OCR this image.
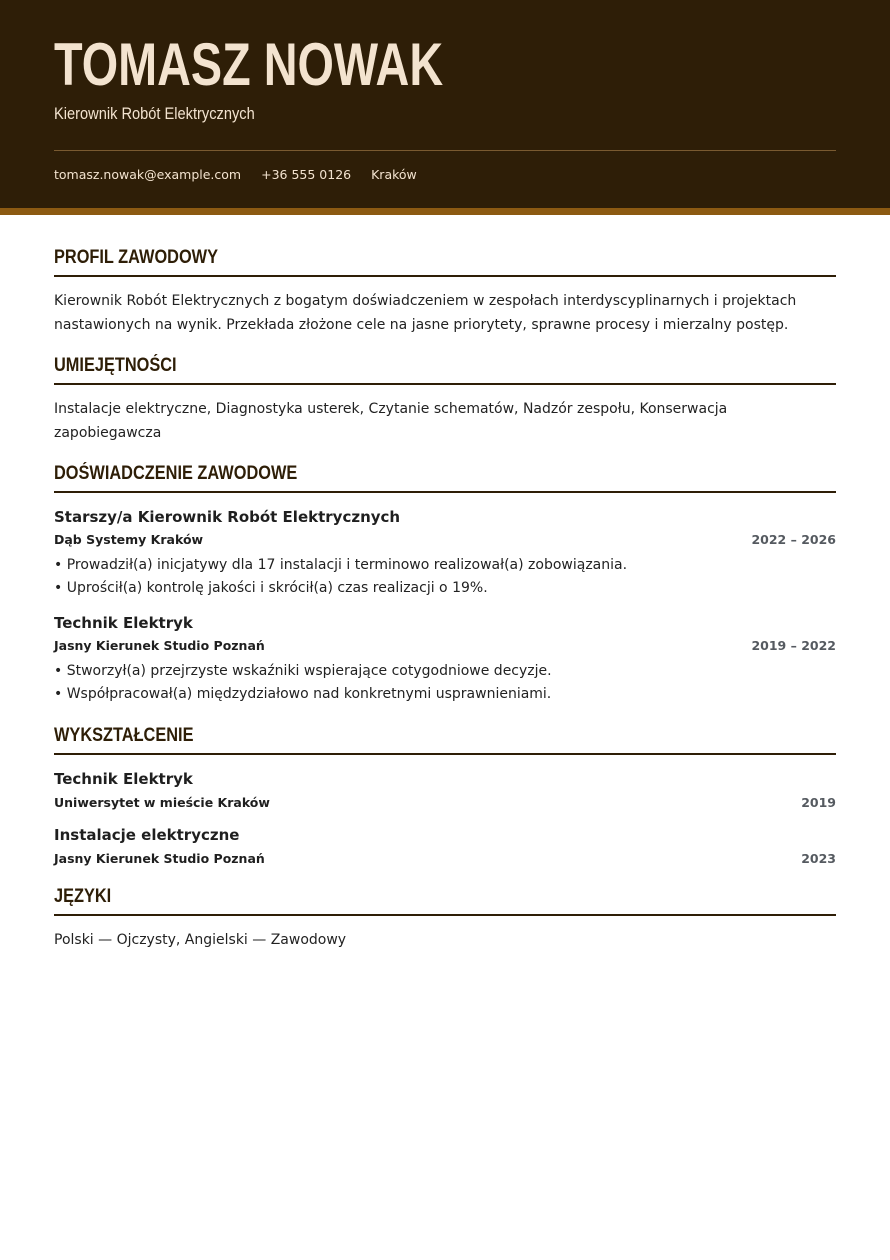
TOMASZ NOWAK
Kierownik Robót Elektrycznych
tomasz.nowak@example.com +36 555 0126 Kraków
PROFIL ZAWODOWY

Kierownik Robót Elektrycznych z bogatym doświadczeniem w zespołach interdyscyplinarnych i projektach nastawionych na wynik. Przekłada złożone cele na jasne priorytety, sprawne procesy i mierzalny postęp.

UMIEJĘTNOŚCI

Instalacje elektryczne, Diagnostyka usterek, Czytanie schematów, Nadzór zespołu, Konserwacja zapobiegawcza

DOŚWIADCZENIE ZAWODOWE

Starszy/a Kierownik Robót Elektrycznych

Dąb Systemy Kraków	2022 – 2026

• Prowadził(a) inicjatywy dla 17 instalacji i terminowo realizował(a) zobowiązania.

• Uprościł(a) kontrolę jakości i skrócił(a) czas realizacji o 19%.

Technik Elektryk

Jasny Kierunek Studio Poznań	2019 – 2022

• Stworzył(a) przejrzyste wskaźniki wspierające cotygodniowe decyzje.

• Współpracował(a) międzydziałowo nad konkretnymi usprawnieniami.

WYKSZTAŁCENIE

Technik Elektryk

Uniwersytet w mieście Kraków	2019

Instalacje elektryczne

Jasny Kierunek Studio Poznań	2023
JĘZYKI

Polski — Ojczysty, Angielski — Zawodowy
